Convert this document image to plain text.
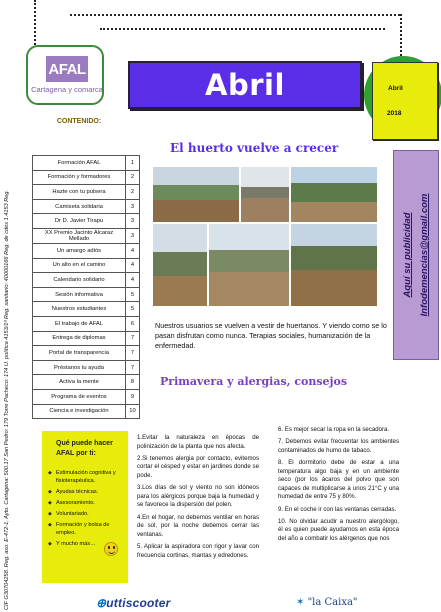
CIF G30704258. Reg. aso. E-472-1, Ayto. Cartagena: 500.17 San Pedro: 179 Torre Pacheco: 174 U. política 4153/1ª Reg. sanitario: 40000166 Reg. de cdes 1.4153 Reg.
AFAL
Cartagena y comarca
CONTENIDO:
Formación AFAL	1
Formación y formadores	2
Hazte con tu pulsera	2
Camiseta solidaria	3
Dr D. Javier Tirapu	3
XX Premio Jacinto Alcaraz Mellado	3
Un amargo adiós	4
Un alto en el camino	4
Calendario solidario	4
Sesión informativa	5
Nuestros estudiantes	5
El trabajo de AFAL	6
Entrega de diplomas	7
Portal de transparencia	7
Préstanos tu ayuda	7
Activa la mente	8
Programa de eventos	9
Ciencia e investigación	10
Abril	Abril
2018
El huerto vuelve a crecer
Nuestros usuarios se vuelven a vestir de huertanos. Y viendo como se lo pasan disfrutan como nunca. Terapias sociales, humanización de la enfermedad.
Aquí su publicidad Infodemencias@gmail.com
Primavera y alergias, consejos
Qué puede hacer AFAL por ti:
◆ Estimulación cognitiva y fisioterapéutica.
◆ Ayudas técnicas.
◆ Asesoramiento.
◆ Voluntariado.
◆ Formación y bolsa de empleo.
◆ Y mucho más…

1.Evitar la naturaleza en épocas de polinización de la planta que nos afecta.

2.Si tenemos alergia por contacto, evitemos cortar el césped y estar en jardines donde se pode.

3.Los días de sol y viento no son idóneos para los alérgicos porque baja la humedad y se favorece la dispersión del polen.

4.En el hogar, no debemos ventilar en horas de sol, por la noche debemos cerrar las ventanas.

5. Aplicar la aspiradora con rigor y lavar con frecuencia cortinas, mantas y edredones.

6. Es mejor secar la ropa en la secadora.

7. Debemos evitar frecuentar los ambientes contaminados de humo de tabaco.

8. El dormitorio debe de estar a una temperatura algo baja y en un ambiente seco (por los ácaros del polvo que son capaces de multiplicarse a unos 21°C y una humedad de entre 75 y 80%.

9. En el coche ir con las ventanas cerradas.

10. No olvidar acudir a nuestro alergólogo, él es quien puede ayudarnos en esta época del año a combatir los alérgenos que nos

⊕uttiscooter	✶ "la Caixa"
